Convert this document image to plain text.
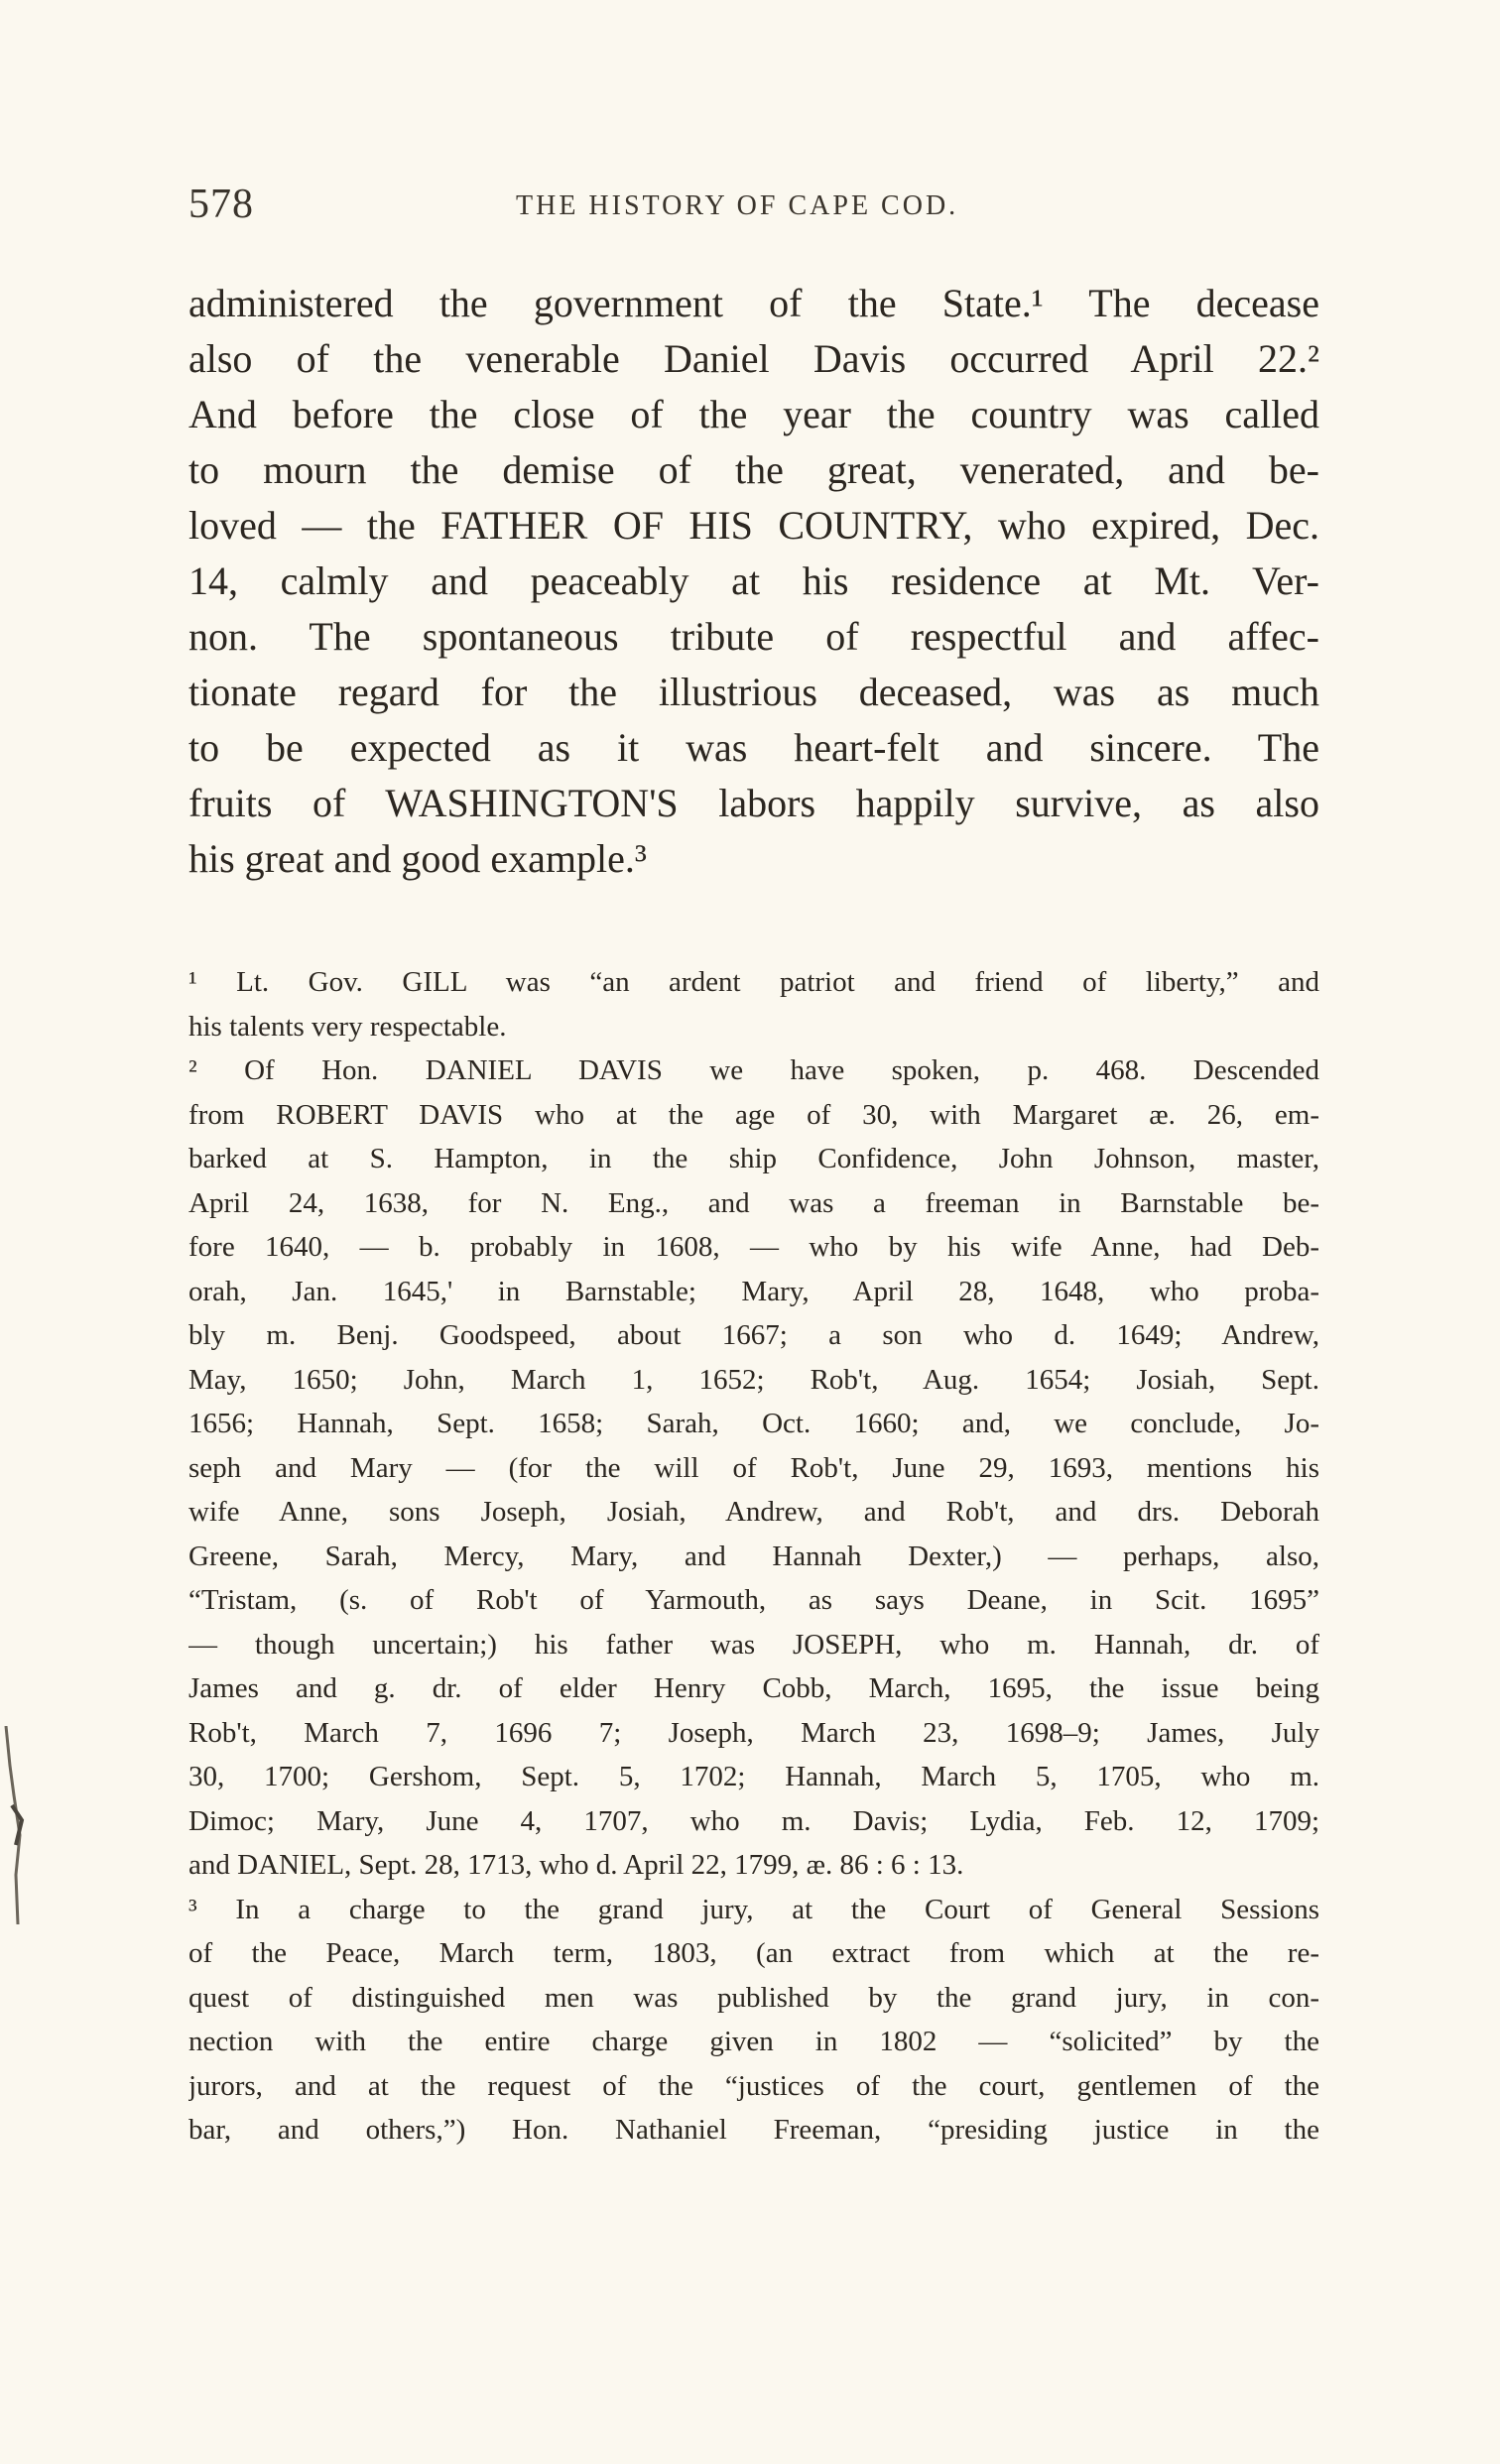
578	THE HISTORY OF CAPE COD.
administered the government of the State.¹ The decease
also of the venerable Daniel Davis occurred April 22.²
And before the close of the year the country was called
to mourn the demise of the great, venerated, and be-
loved — the FATHER OF HIS COUNTRY, who expired, Dec.
14, calmly and peaceably at his residence at Mt. Ver-
non. The spontaneous tribute of respectful and affec-
tionate regard for the illustrious deceased, was as much
to be expected as it was heart-felt and sincere. The
fruits of WASHINGTON'S labors happily survive, as also
his great and good example.³
¹ Lt. Gov. GILL was “an ardent patriot and friend of liberty,” and
his talents very respectable.
² Of Hon. DANIEL DAVIS we have spoken, p. 468. Descended
from ROBERT DAVIS who at the age of 30, with Margaret æ. 26, em-
barked at S. Hampton, in the ship Confidence, John Johnson, master,
April 24, 1638, for N. Eng., and was a freeman in Barnstable be-
fore 1640, — b. probably in 1608, — who by his wife Anne, had Deb-
orah, Jan. 1645,' in Barnstable; Mary, April 28, 1648, who proba-
bly m. Benj. Goodspeed, about 1667; a son who d. 1649; Andrew,
May, 1650; John, March 1, 1652; Rob't, Aug. 1654; Josiah, Sept.
1656; Hannah, Sept. 1658; Sarah, Oct. 1660; and, we conclude, Jo-
seph and Mary — (for the will of Rob't, June 29, 1693, mentions his
wife Anne, sons Joseph, Josiah, Andrew, and Rob't, and drs. Deborah
Greene, Sarah, Mercy, Mary, and Hannah Dexter,) — perhaps, also,
“Tristam, (s. of Rob't of Yarmouth, as says Deane, in Scit. 1695”
— though uncertain;) his father was JOSEPH, who m. Hannah, dr. of
James and g. dr. of elder Henry Cobb, March, 1695, the issue being
Rob't, March 7, 1696 7; Joseph, March 23, 1698–9; James, July
30, 1700; Gershom, Sept. 5, 1702; Hannah, March 5, 1705, who m.
Dimoc; Mary, June 4, 1707, who m. Davis; Lydia, Feb. 12, 1709;
and DANIEL, Sept. 28, 1713, who d. April 22, 1799, æ. 86 : 6 : 13.
³ In a charge to the grand jury, at the Court of General Sessions
of the Peace, March term, 1803, (an extract from which at the re-
quest of distinguished men was published by the grand jury, in con-
nection with the entire charge given in 1802 — “solicited” by the
jurors, and at the request of the “justices of the court, gentlemen of the
bar, and others,”) Hon. Nathaniel Freeman, “presiding justice in the
